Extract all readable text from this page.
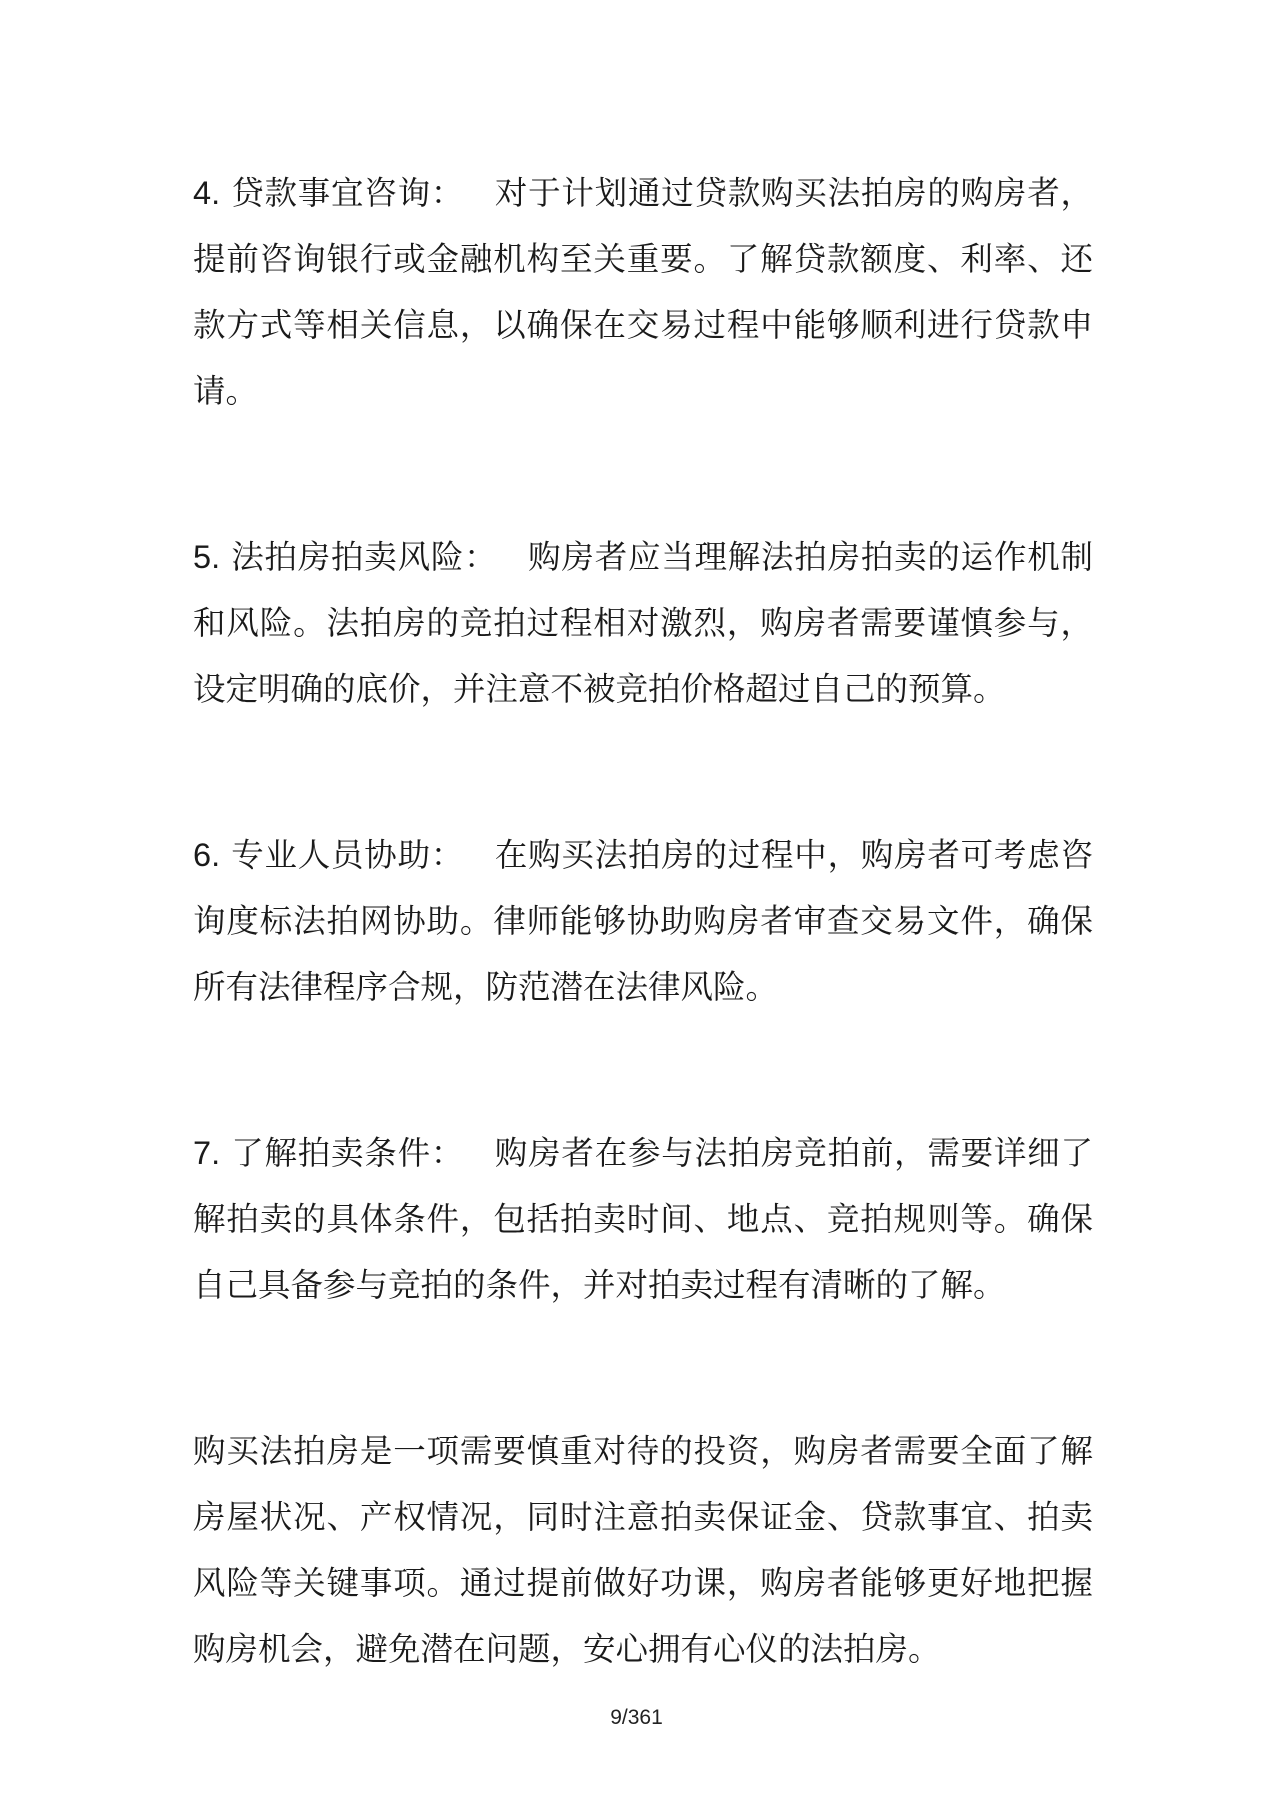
4. 贷款事宜咨询： 对于计划通过贷款购买法拍房的购房者，提前咨询银行或金融机构至关重要。了解贷款额度、利率、还款方式等相关信息，以确保在交易过程中能够顺利进行贷款申请。

5. 法拍房拍卖风险： 购房者应当理解法拍房拍卖的运作机制和风险。法拍房的竞拍过程相对激烈，购房者需要谨慎参与，设定明确的底价，并注意不被竞拍价格超过自己的预算。

6. 专业人员协助： 在购买法拍房的过程中，购房者可考虑咨询度标法拍网协助。律师能够协助购房者审查交易文件，确保所有法律程序合规，防范潜在法律风险。

7. 了解拍卖条件： 购房者在参与法拍房竞拍前，需要详细了解拍卖的具体条件，包括拍卖时间、地点、竞拍规则等。确保自己具备参与竞拍的条件，并对拍卖过程有清晰的了解。

购买法拍房是一项需要慎重对待的投资，购房者需要全面了解房屋状况、产权情况，同时注意拍卖保证金、贷款事宜、拍卖风险等关键事项。通过提前做好功课，购房者能够更好地把握购房机会，避免潜在问题，安心拥有心仪的法拍房。

9/361
